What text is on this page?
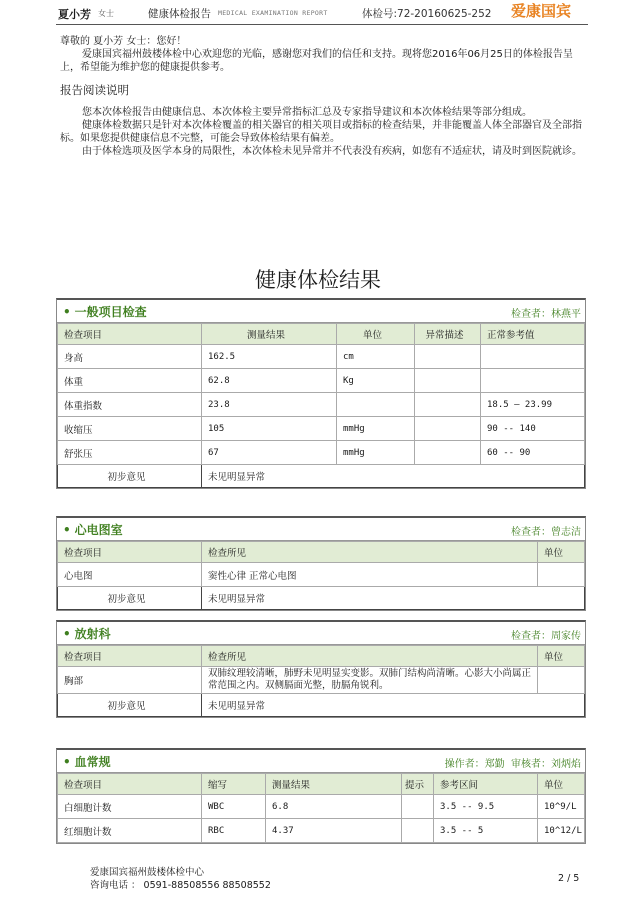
夏小芳 女士	健康体检报告 MEDICAL EXAMINATION REPORT	体检号:72-20160625-252 爱康国宾

尊敬的 夏小芳 女士：您好！

爱康国宾福州鼓楼体检中心欢迎您的光临，感谢您对我们的信任和支持。现将您2016年06月25日的体检报告呈上，希望能为维护您的健康提供参考。

报告阅读说明

您本次体检报告由健康信息、本次体检主要异常指标汇总及专家指导建议和本次体检结果等部分组成。

健康体检数据只是针对本次体检覆盖的相关器官的相关项目或指标的检查结果，并非能覆盖人体全部器官及全部指标。如果您提供健康信息不完整，可能会导致体检结果有偏差。

由于体检选项及医学本身的局限性，本次体检未见异常并不代表没有疾病，如您有不适症状，请及时到医院就诊。

健康体检结果
• 一般项目检查	检查者：林燕平
检查项目	测量结果	单位	异常描述	正常参考值
身高	162.5	cm		
体重	62.8	Kg		
体重指数	23.8			18.5 — 23.99
收缩压	105	mmHg		90 -- 140
舒张压	67	mmHg		60 -- 90
初步意见	未见明显异常			
• 心电图室	检查者：曾志洁
检查项目	检查所见	单位
心电图	窦性心律 正常心电图	
初步意见	未见明显异常	
• 放射科	检查者：周家传
检查项目	检查所见	单位
胸部	双肺纹理较清晰，肺野未见明显实变影。双肺门结构尚清晰。心影大小尚属正常范围之内。双侧膈面光整，肋膈角锐利。	
初步意见	未见明显异常	
• 血常规	操作者：郑勤 审核者：刘炳焰
检查项目	缩写	测量结果	提示	参考区间	单位
白细胞计数	WBC	6.8		3.5 -- 9.5	10^9/L
红细胞计数	RBC	4.37		3.5 -- 5	10^12/L
爱康国宾福州鼓楼体检中心
咨询电话 ： 0591-88508556 88508552
2 / 5
